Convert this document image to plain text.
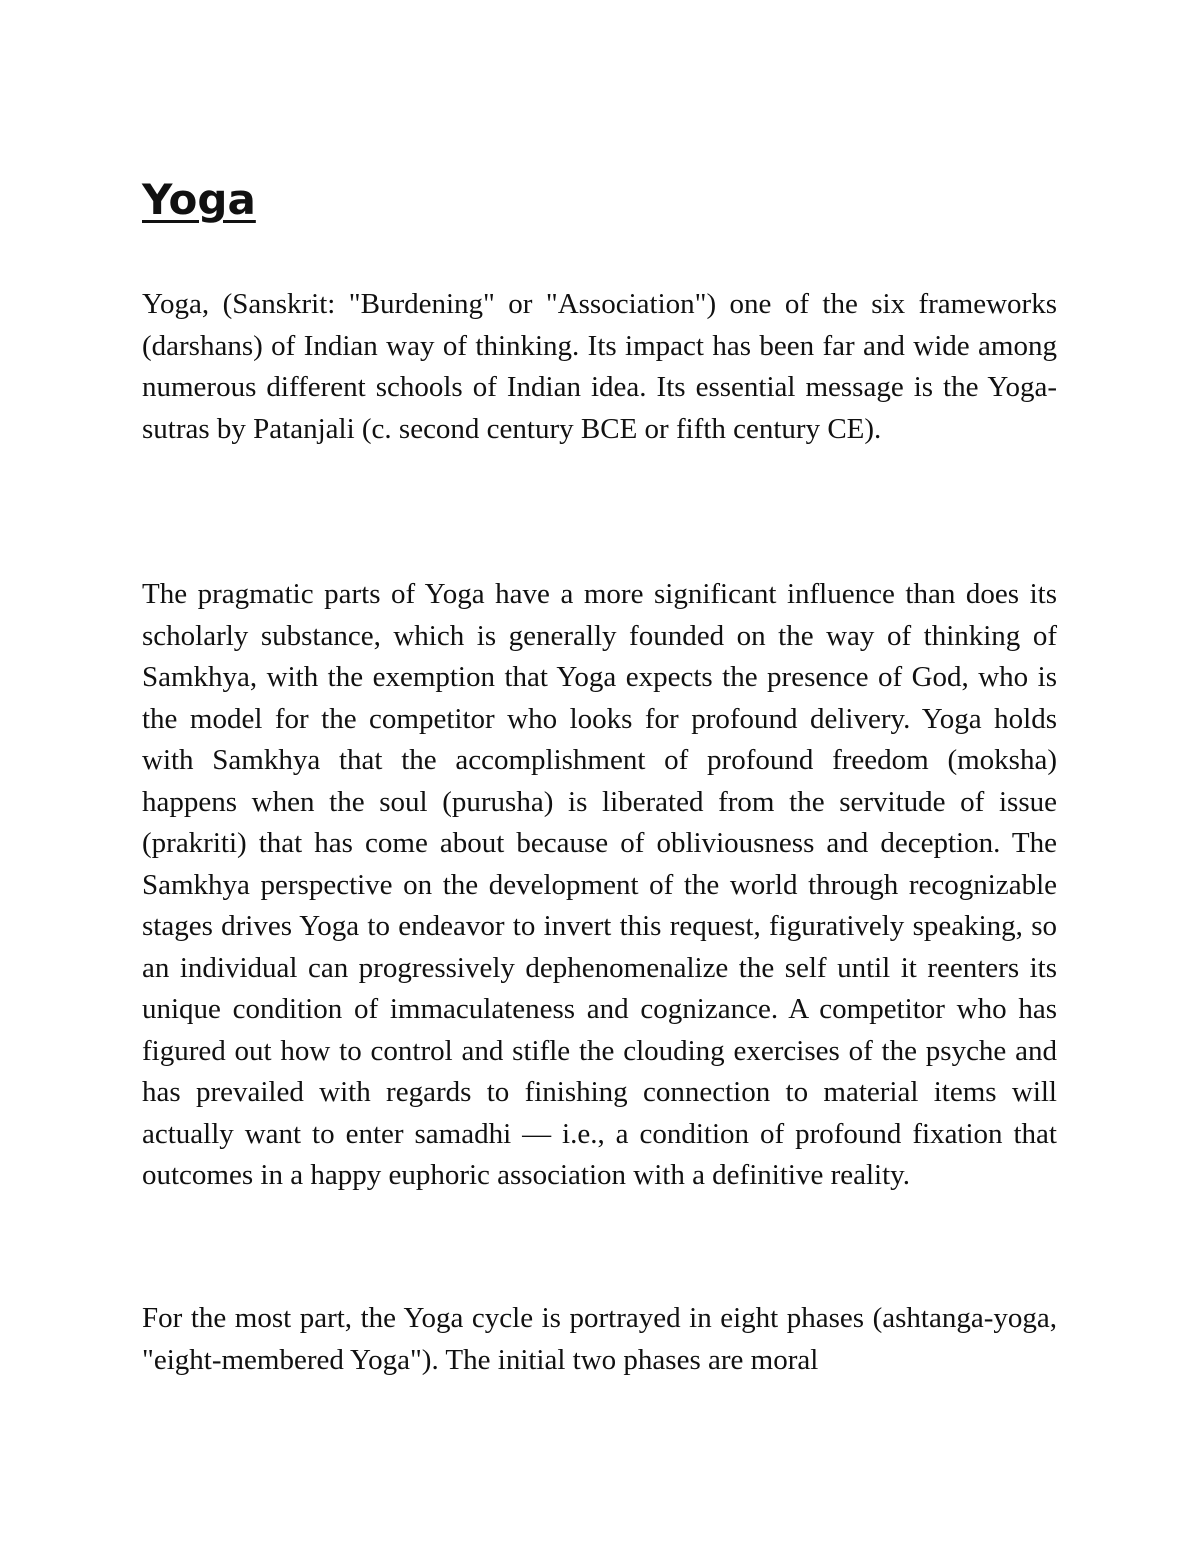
Yoga

Yoga, (Sanskrit: "Burdening" or "Association") one of the six frameworks (darshans) of Indian way of thinking. Its impact has been far and wide among numerous different schools of Indian idea. Its essential message is the Yoga-sutras by Patanjali (c. second century BCE or fifth century CE).

The pragmatic parts of Yoga have a more significant influence than does its scholarly substance, which is generally founded on the way of thinking of Samkhya, with the exemption that Yoga expects the presence of God, who is the model for the competitor who looks for profound delivery. Yoga holds with Samkhya that the accomplishment of profound freedom (moksha) happens when the soul (purusha) is liberated from the servitude of issue (prakriti) that has come about because of obliviousness and deception. The Samkhya perspective on the development of the world through recognizable stages drives Yoga to endeavor to invert this request, figuratively speaking, so an individual can progressively dephenomenalize the self until it reenters its unique condition of immaculateness and cognizance. A competitor who has figured out how to control and stifle the clouding exercises of the psyche and has prevailed with regards to finishing connection to material items will actually want to enter samadhi — i.e., a condition of profound fixation that outcomes in a happy euphoric association with a definitive reality.

For the most part, the Yoga cycle is portrayed in eight phases (ashtanga-yoga, "eight-membered Yoga"). The initial two phases are moral
